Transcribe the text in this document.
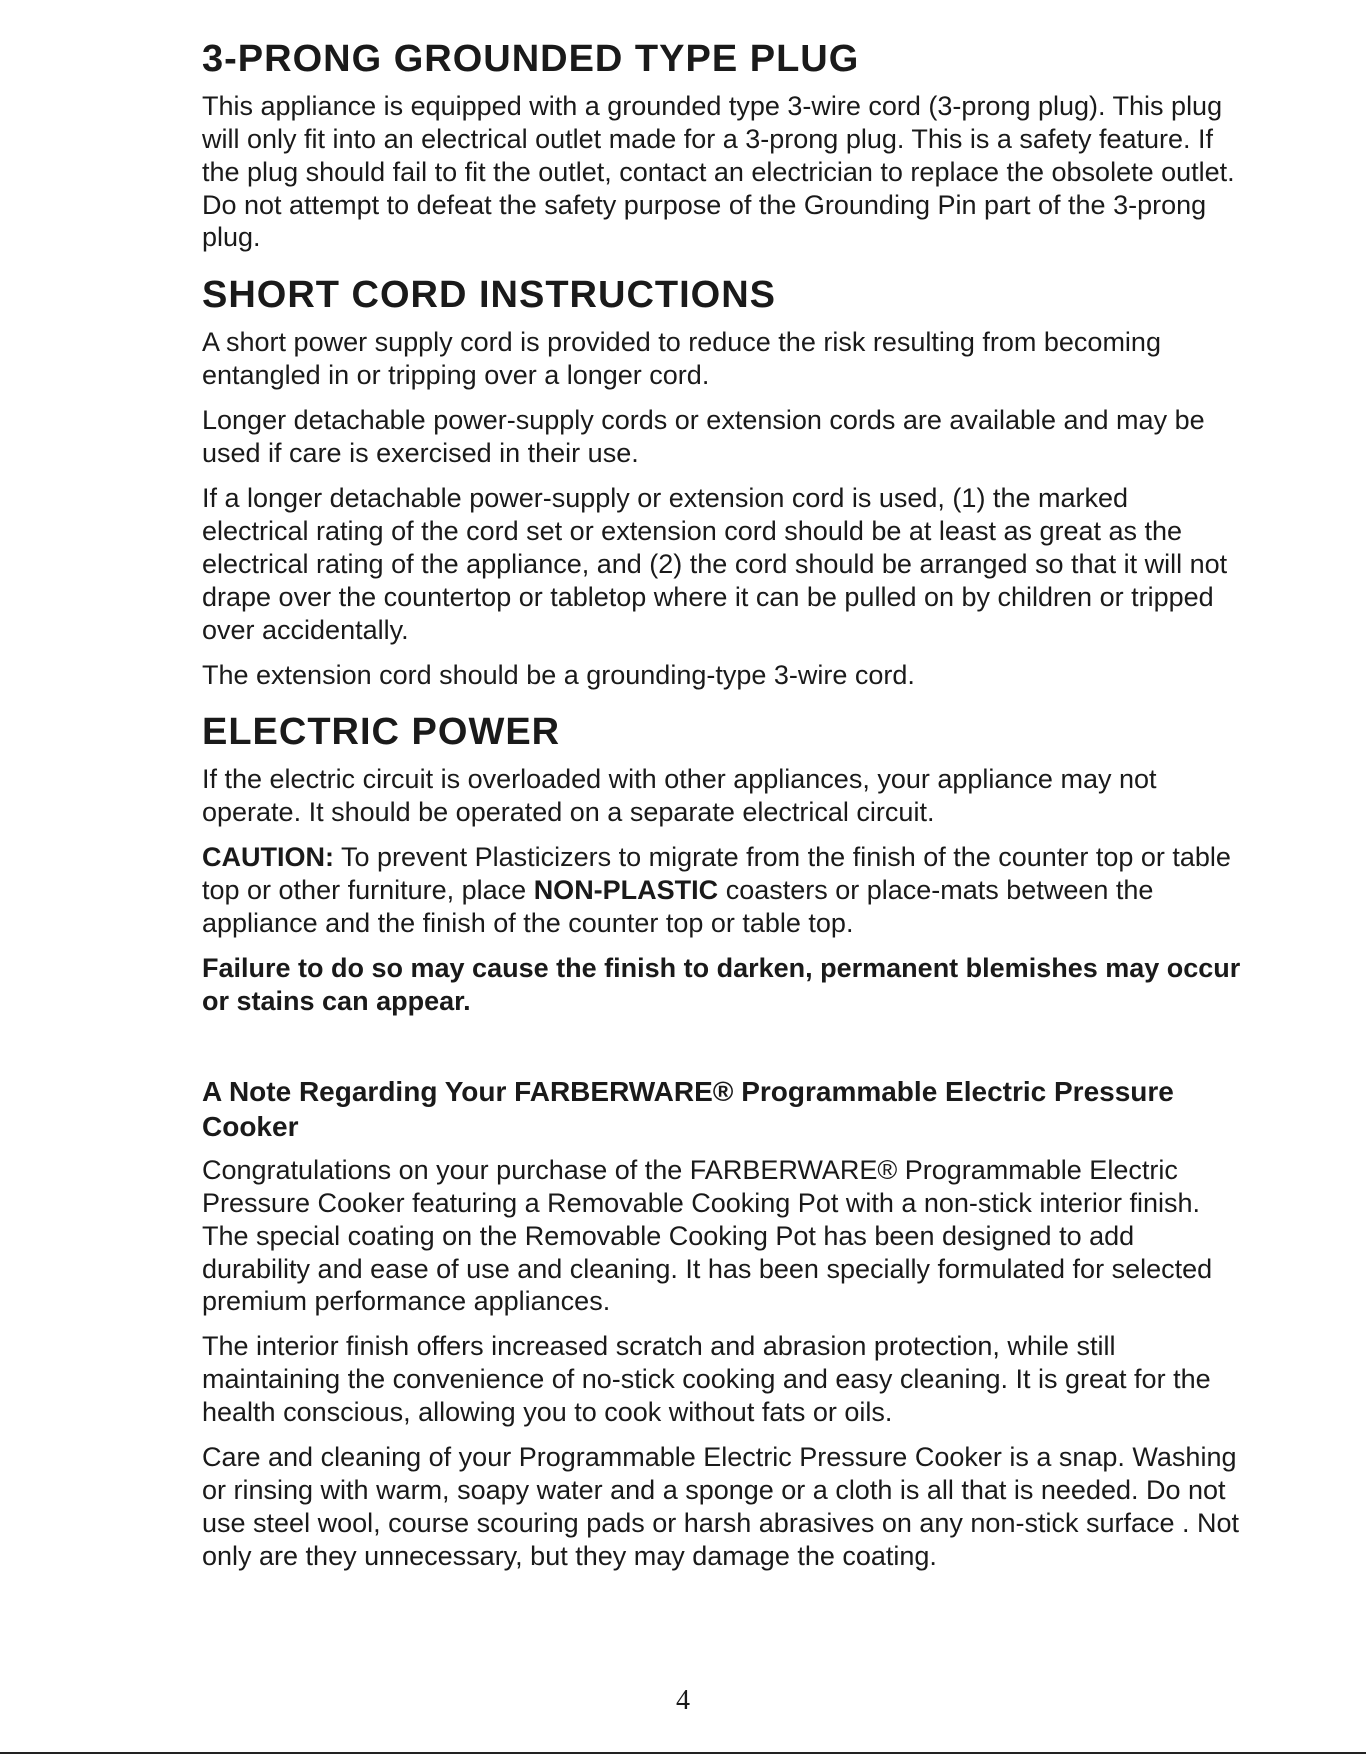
3-PRONG GROUNDED TYPE PLUG

This appliance is equipped with a grounded type 3-wire cord (3-prong plug). This plug will only fit into an electrical outlet made for a 3-prong plug. This is a safety feature. If the plug should fail to fit the outlet, contact an electrician to replace the obsolete outlet. Do not attempt to defeat the safety purpose of the Grounding Pin part of the 3-prong plug.

SHORT CORD INSTRUCTIONS

A short power supply cord is provided to reduce the risk resulting from becoming entangled in or tripping over a longer cord.

Longer detachable power-supply cords or extension cords are available and may be used if care is exercised in their use.

If a longer detachable power-supply or extension cord is used, (1) the marked electrical rating of the cord set or extension cord should be at least as great as the electrical rating of the appliance, and (2) the cord should be arranged so that it will not drape over the countertop or tabletop where it can be pulled on by children or tripped over accidentally.

The extension cord should be a grounding-type 3-wire cord.

ELECTRIC POWER

If the electric circuit is overloaded with other appliances, your appliance may not operate. It should be operated on a separate electrical circuit.

CAUTION: To prevent Plasticizers to migrate from the finish of the counter top or table top or other furniture, place NON-PLASTIC coasters or place-mats between the appliance and the finish of the counter top or table top.

Failure to do so may cause the finish to darken, permanent blemishes may occur or stains can appear.

A Note Regarding Your FARBERWARE® Programmable Electric Pressure Cooker

Congratulations on your purchase of the FARBERWARE® Programmable Electric Pressure Cooker featuring a Removable Cooking Pot with a non-stick interior finish. The special coating on the Removable Cooking Pot has been designed to add durability and ease of use and cleaning. It has been specially formulated for selected premium performance appliances.

The interior finish offers increased scratch and abrasion protection, while still maintaining the convenience of no-stick cooking and easy cleaning. It is great for the health conscious, allowing you to cook without fats or oils.

Care and cleaning of your Programmable Electric Pressure Cooker is a snap. Washing or rinsing with warm, soapy water and a sponge or a cloth is all that is needed. Do not use steel wool, course scouring pads or harsh abrasives on any non-stick surface . Not only are they unnecessary, but they may damage the coating.

4
